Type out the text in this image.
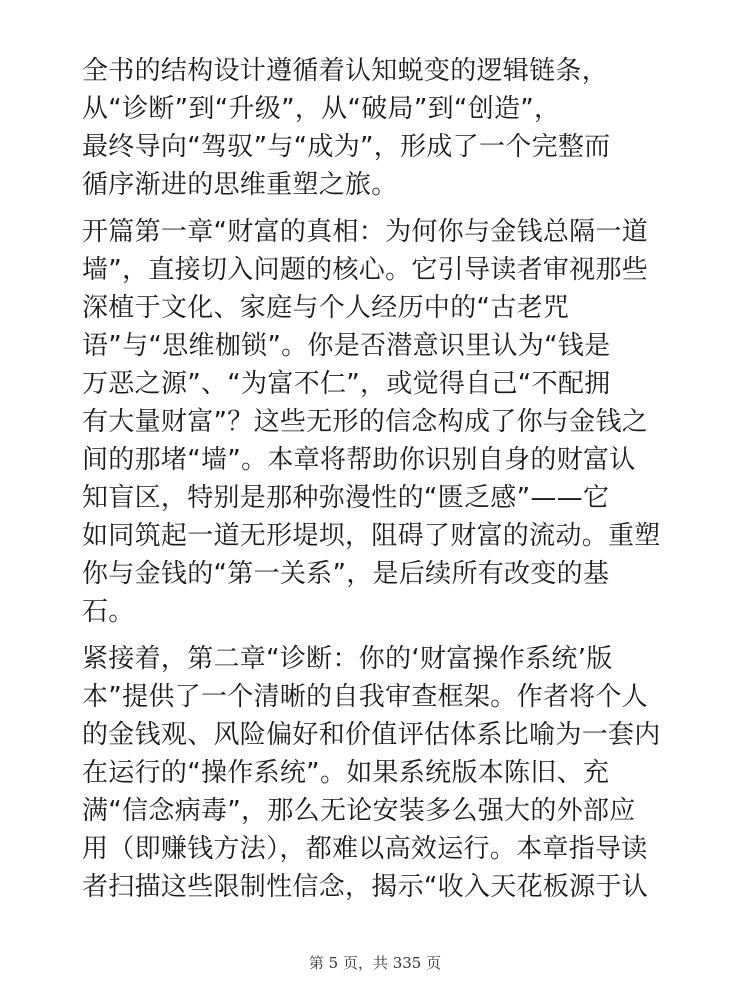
全书的结构设计遵循着认知蜕变的逻辑链条，
从“诊断”到“升级”，从“破局”到“创造”，
最终导向“驾驭”与“成为”，形成了一个完整而
循序渐进的思维重塑之旅。
开篇第一章“财富的真相：为何你与金钱总隔一道
墙”，直接切入问题的核心。它引导读者审视那些
深植于文化、家庭与个人经历中的“古老咒
语”与“思维枷锁”。你是否潜意识里认为“钱是
万恶之源”、“为富不仁”，或觉得自己“不配拥
有大量财富”？这些无形的信念构成了你与金钱之
间的那堵“墙”。本章将帮助你识别自身的财富认
知盲区，特别是那种弥漫性的“匮乏感”——它
如同筑起一道无形堤坝，阻碍了财富的流动。重塑
你与金钱的“第一关系”，是后续所有改变的基
石。
紧接着，第二章“诊断：你的‘财富操作系统’版
本”提供了一个清晰的自我审查框架。作者将个人
的金钱观、风险偏好和价值评估体系比喻为一套内
在运行的“操作系统”。如果系统版本陈旧、充
满“信念病毒”，那么无论安装多么强大的外部应
用（即赚钱方法），都难以高效运行。本章指导读
者扫描这些限制性信念，揭示“收入天花板源于认
第 5 页，共 335 页
